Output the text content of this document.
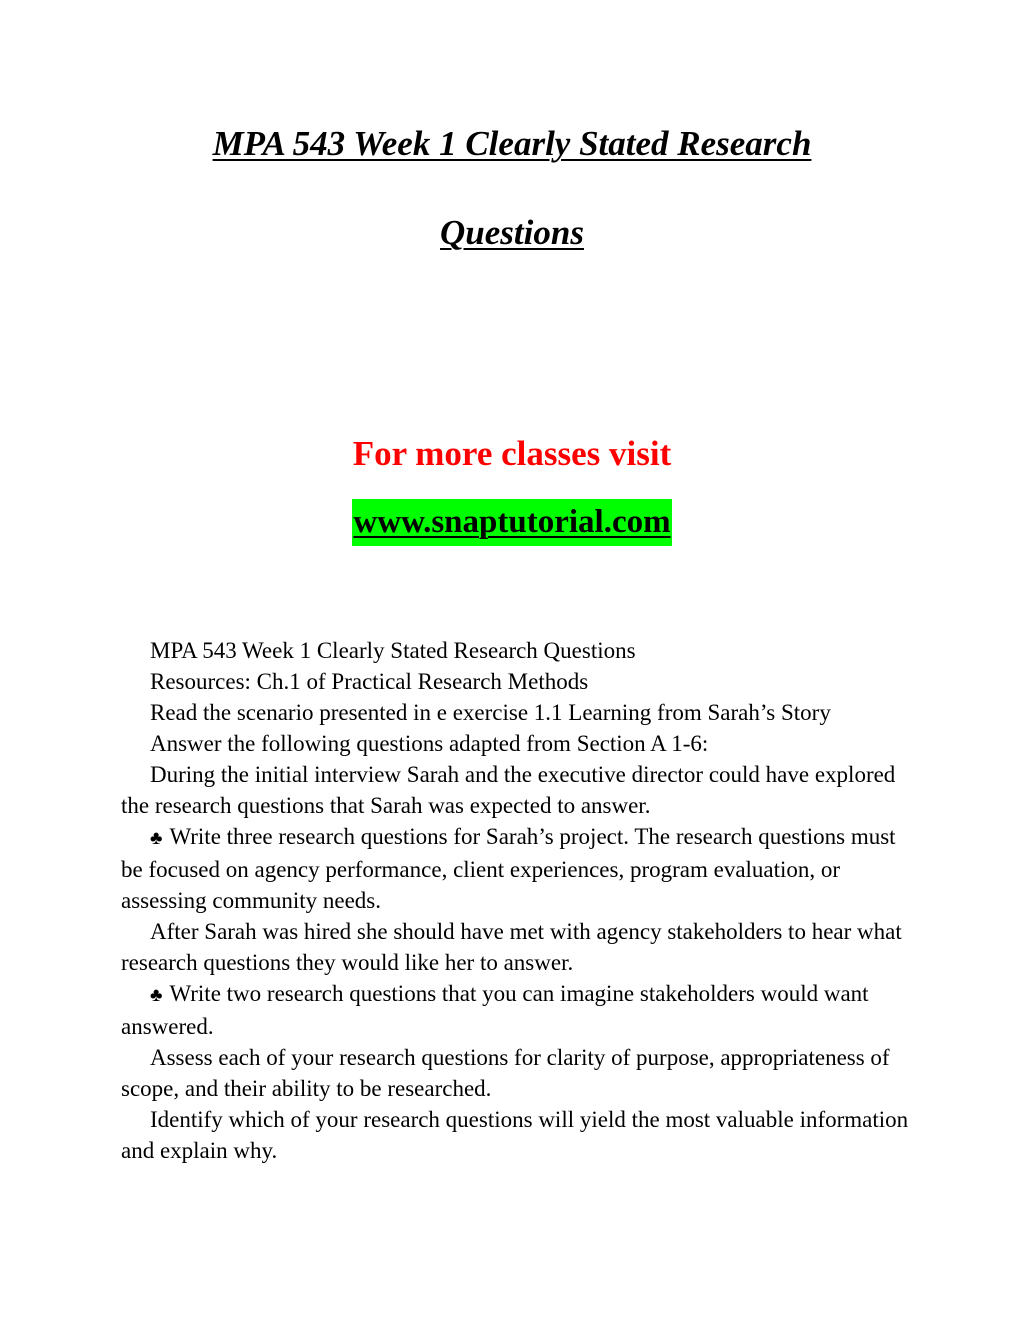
MPA 543 Week 1 Clearly Stated Research
Questions

For more classes visit

www.snaptutorial.com

MPA 543 Week 1 Clearly Stated Research Questions

Resources: Ch.1 of Practical Research Methods

Read the scenario presented in e exercise 1.1 Learning from Sarah’s Story

Answer the following questions adapted from Section A 1-6:

During the initial interview Sarah and the executive director could have explored the research questions that Sarah was expected to answer.

♣ Write three research questions for Sarah’s project. The research questions must be focused on agency performance, client experiences, program evaluation, or assessing community needs.

After Sarah was hired she should have met with agency stakeholders to hear what research questions they would like her to answer.

♣ Write two research questions that you can imagine stakeholders would want answered.

Assess each of your research questions for clarity of purpose, appropriateness of scope, and their ability to be researched.

Identify which of your research questions will yield the most valuable information and explain why.
